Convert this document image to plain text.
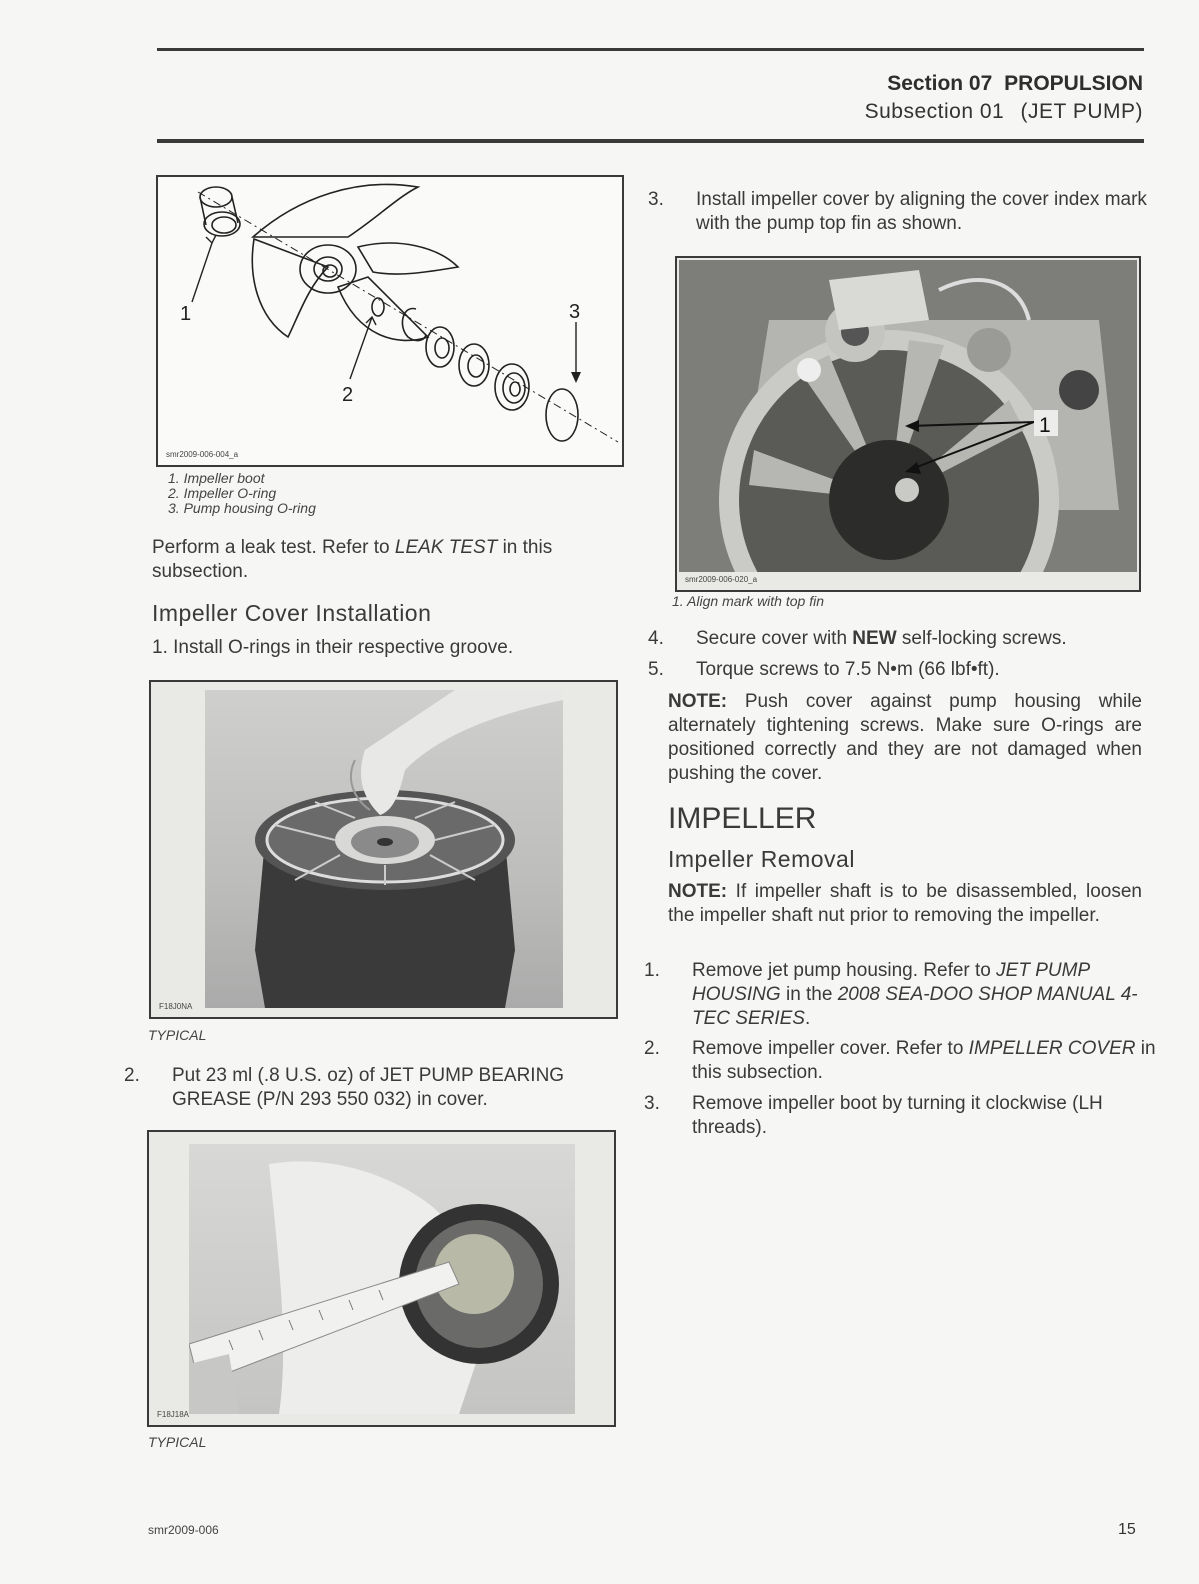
Section 07 PROPULSION
Subsection 01 (JET PUMP)
1
2
3
smr2009-006-004_a
1. Impeller boot
2. Impeller O-ring
3. Pump housing O-ring

Perform a leak test. Refer to LEAK TEST in this subsection.

Impeller Cover Installation

1. Install O-rings in their respective groove.

F18J0NA
TYPICAL

2. Put 23 ml (.8 U.S. oz) of JET PUMP BEARING GREASE (P/N 293 550 032) in cover.

F18J18A
TYPICAL

3. Install impeller cover by aligning the cover index mark with the pump top fin as shown.

1
smr2009-006-020_a
1. Align mark with top fin

4. Secure cover with NEW self-locking screws.

5. Torque screws to 7.5 N•m (66 lbf•ft).

NOTE: Push cover against pump housing while alternately tightening screws. Make sure O-rings are positioned correctly and they are not damaged when pushing the cover.

IMPELLER
Impeller Removal

NOTE: If impeller shaft is to be disassembled, loosen the impeller shaft nut prior to removing the impeller.

1. Remove jet pump housing. Refer to JET PUMP HOUSING in the 2008 SEA-DOO SHOP MANUAL 4-TEC SERIES.

2. Remove impeller cover. Refer to IMPELLER COVER in this subsection.

3. Remove impeller boot by turning it clockwise (LH threads).

smr2009-006	15
